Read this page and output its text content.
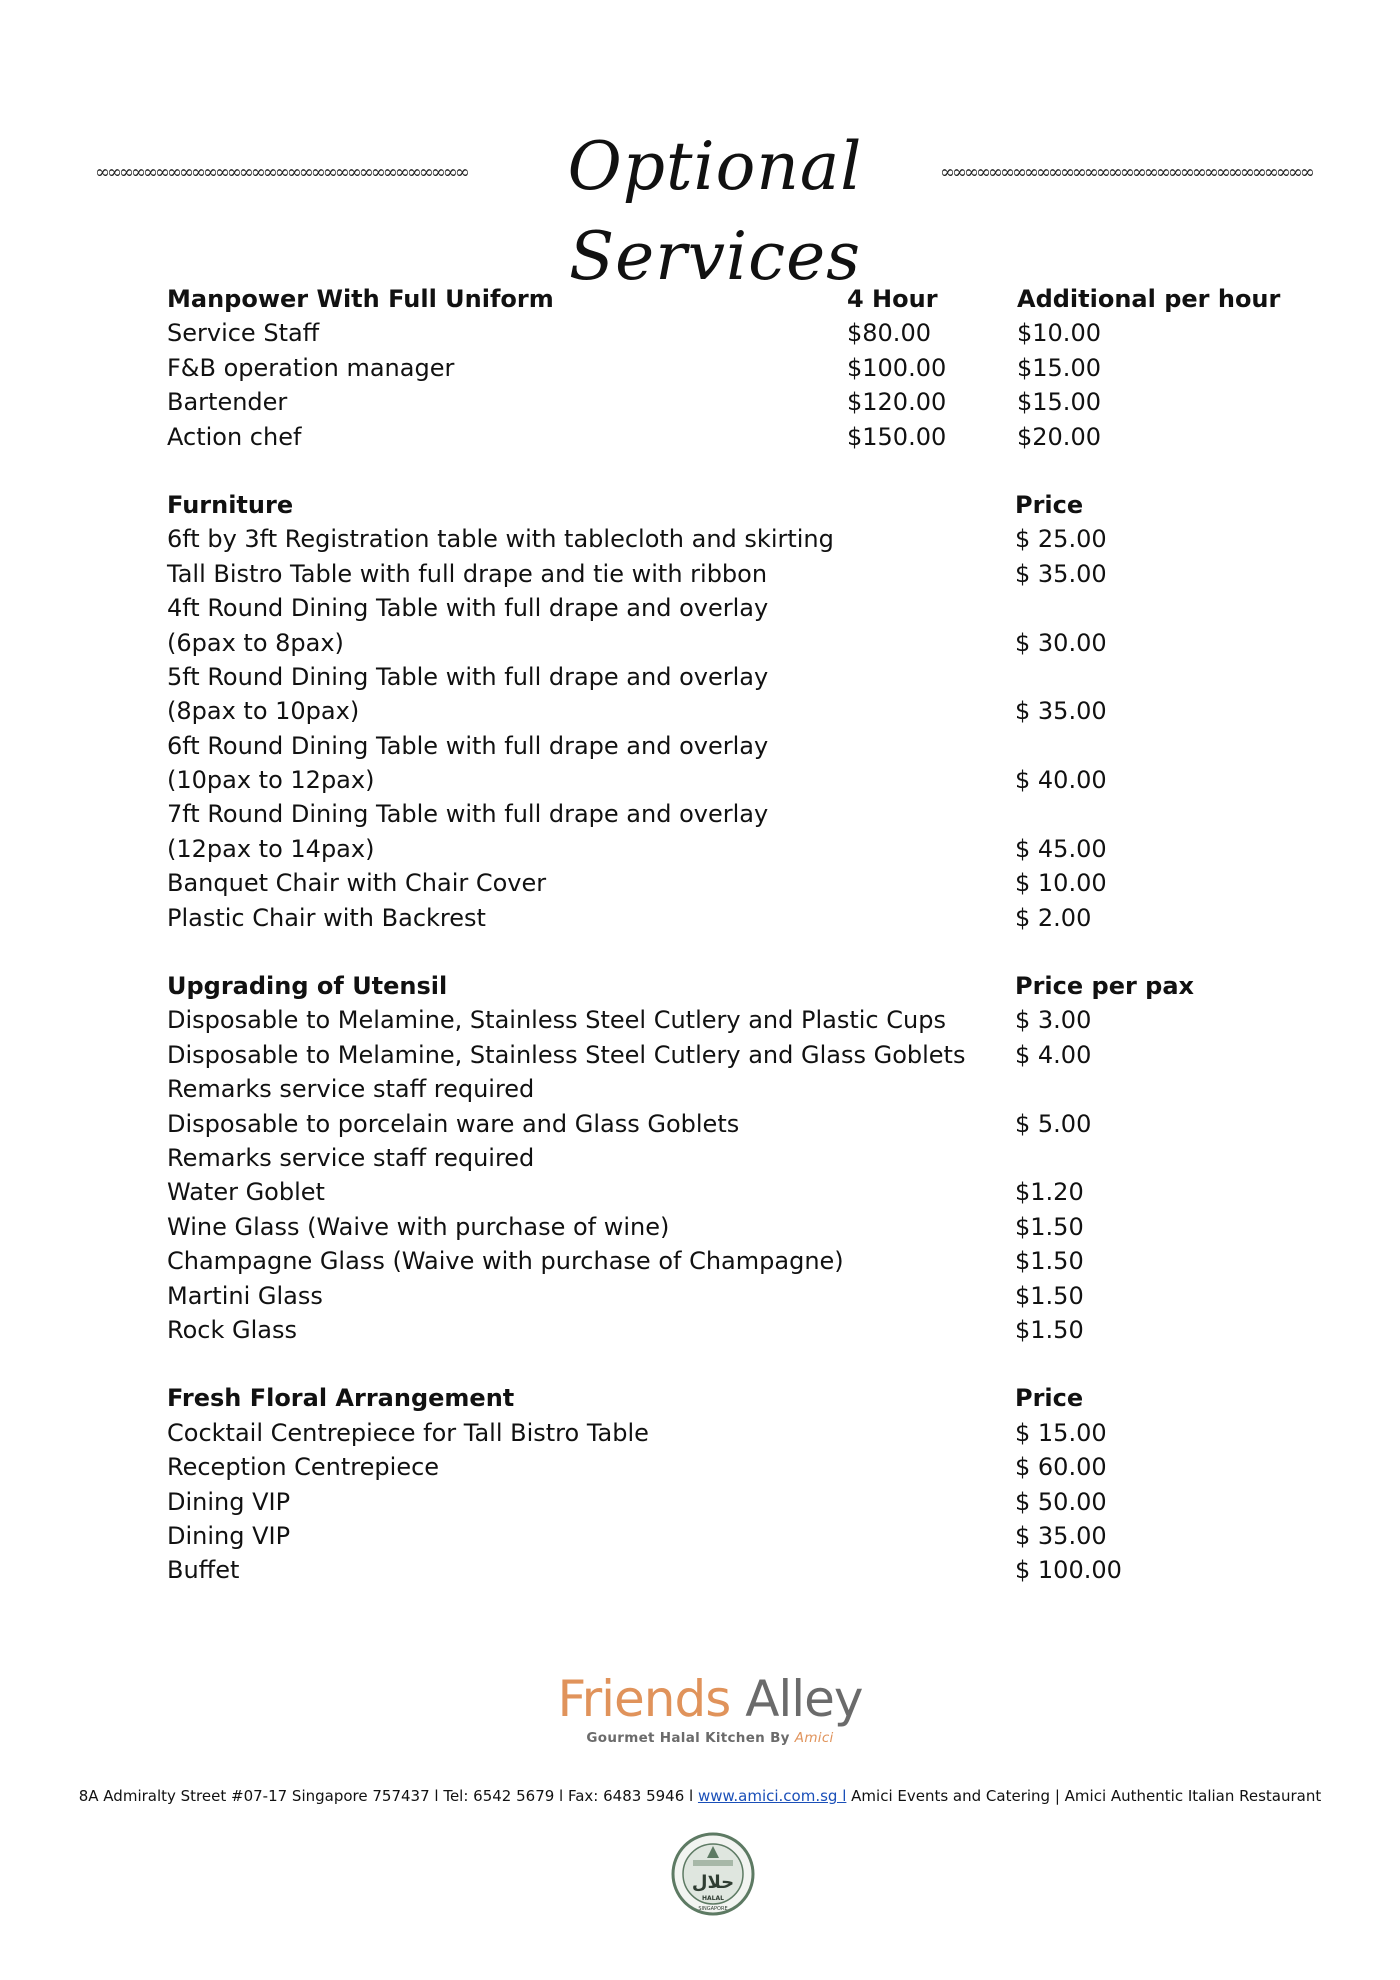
∞∞∞∞∞∞∞∞∞∞∞∞∞∞∞∞∞∞∞∞∞∞∞∞∞∞∞∞∞∞∞	Optional Services
∞∞∞∞∞∞∞∞∞∞∞∞∞∞∞∞∞∞∞∞∞∞∞∞∞∞∞∞∞∞∞
Manpower With Full Uniform	4 Hour	Additional per hour
Service Staff	$80.00	$10.00
F&B operation manager	$100.00	$15.00
Bartender	$120.00	$15.00
Action chef	$150.00	$20.00
Furniture	Price
6ft by 3ft Registration table with tablecloth and skirting	$ 25.00
Tall Bistro Table with full drape and tie with ribbon	$ 35.00
4ft Round Dining Table with full drape and overlay
(6pax to 8pax)	$ 30.00
5ft Round Dining Table with full drape and overlay
(8pax to 10pax)	$ 35.00
6ft Round Dining Table with full drape and overlay
(10pax to 12pax)	$ 40.00
7ft Round Dining Table with full drape and overlay
(12pax to 14pax)	$ 45.00
Banquet Chair with Chair Cover	$ 10.00
Plastic Chair with Backrest	$ 2.00
Upgrading of Utensil	Price per pax
Disposable to Melamine, Stainless Steel Cutlery and Plastic Cups	$ 3.00
Disposable to Melamine, Stainless Steel Cutlery and Glass Goblets	$ 4.00
Remarks service staff required
Disposable to porcelain ware and Glass Goblets	$ 5.00
Remarks service staff required
Water Goblet	$1.20
Wine Glass (Waive with purchase of wine)	$1.50
Champagne Glass (Waive with purchase of Champagne)	$1.50
Martini Glass	$1.50
Rock Glass	$1.50
Fresh Floral Arrangement	Price
Cocktail Centrepiece for Tall Bistro Table	$ 15.00
Reception Centrepiece	$ 60.00
Dining VIP	$ 50.00
Dining VIP	$ 35.00
Buffet	$ 100.00
Friends Alley
Gourmet Halal Kitchen By Amici
8A Admiralty Street #07-17 Singapore 757437 l Tel: 6542 5679 l Fax: 6483 5946 l www.amici.com.sg l Amici Events and Catering | Amici Authentic Italian Restaurant
حلال
HALAL
SINGAPORE
